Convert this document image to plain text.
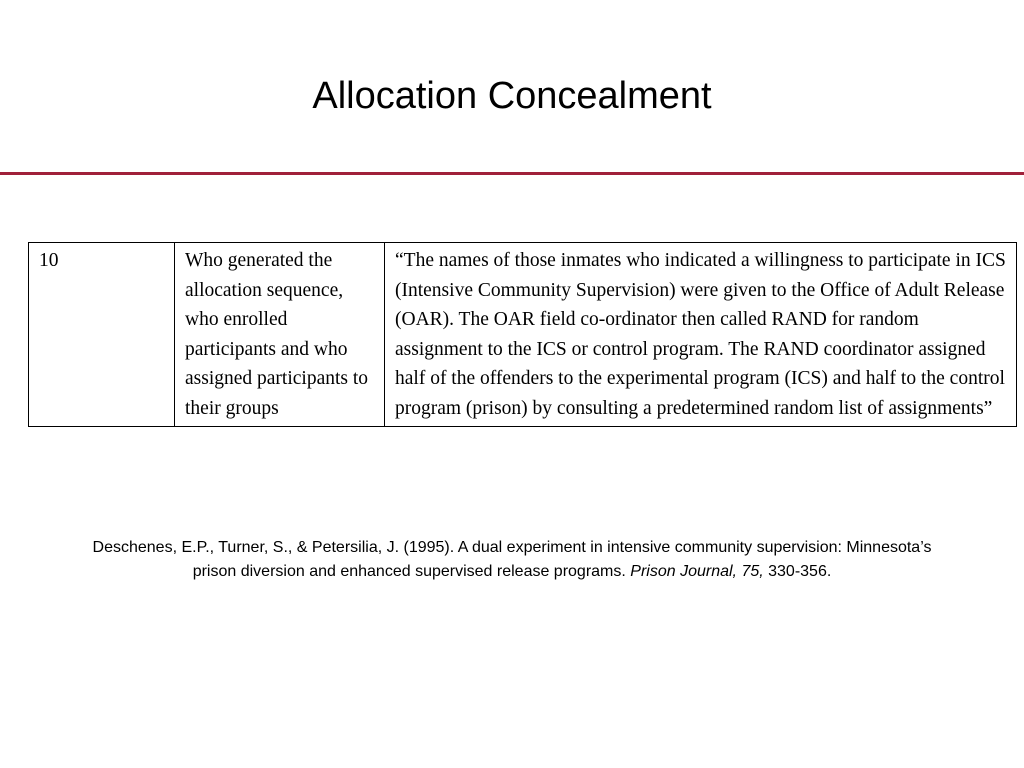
Allocation Concealment
10	Who generated the allocation sequence, who enrolled participants and who assigned participants to their groups	“The names of those inmates who indicated a willingness to participate in ICS (Intensive Community Supervision) were given to the Office of Adult Release (OAR). The OAR field co-ordinator then called RAND for random assignment to the ICS or control program. The RAND coordinator assigned half of the offenders to the experimental program (ICS) and half to the control program (prison) by consulting a predetermined random list of assignments”
Deschenes, E.P., Turner, S., & Petersilia, J. (1995). A dual experiment in intensive community supervision: Minnesota’s prison diversion and enhanced supervised release programs. Prison Journal, 75, 330-356.
